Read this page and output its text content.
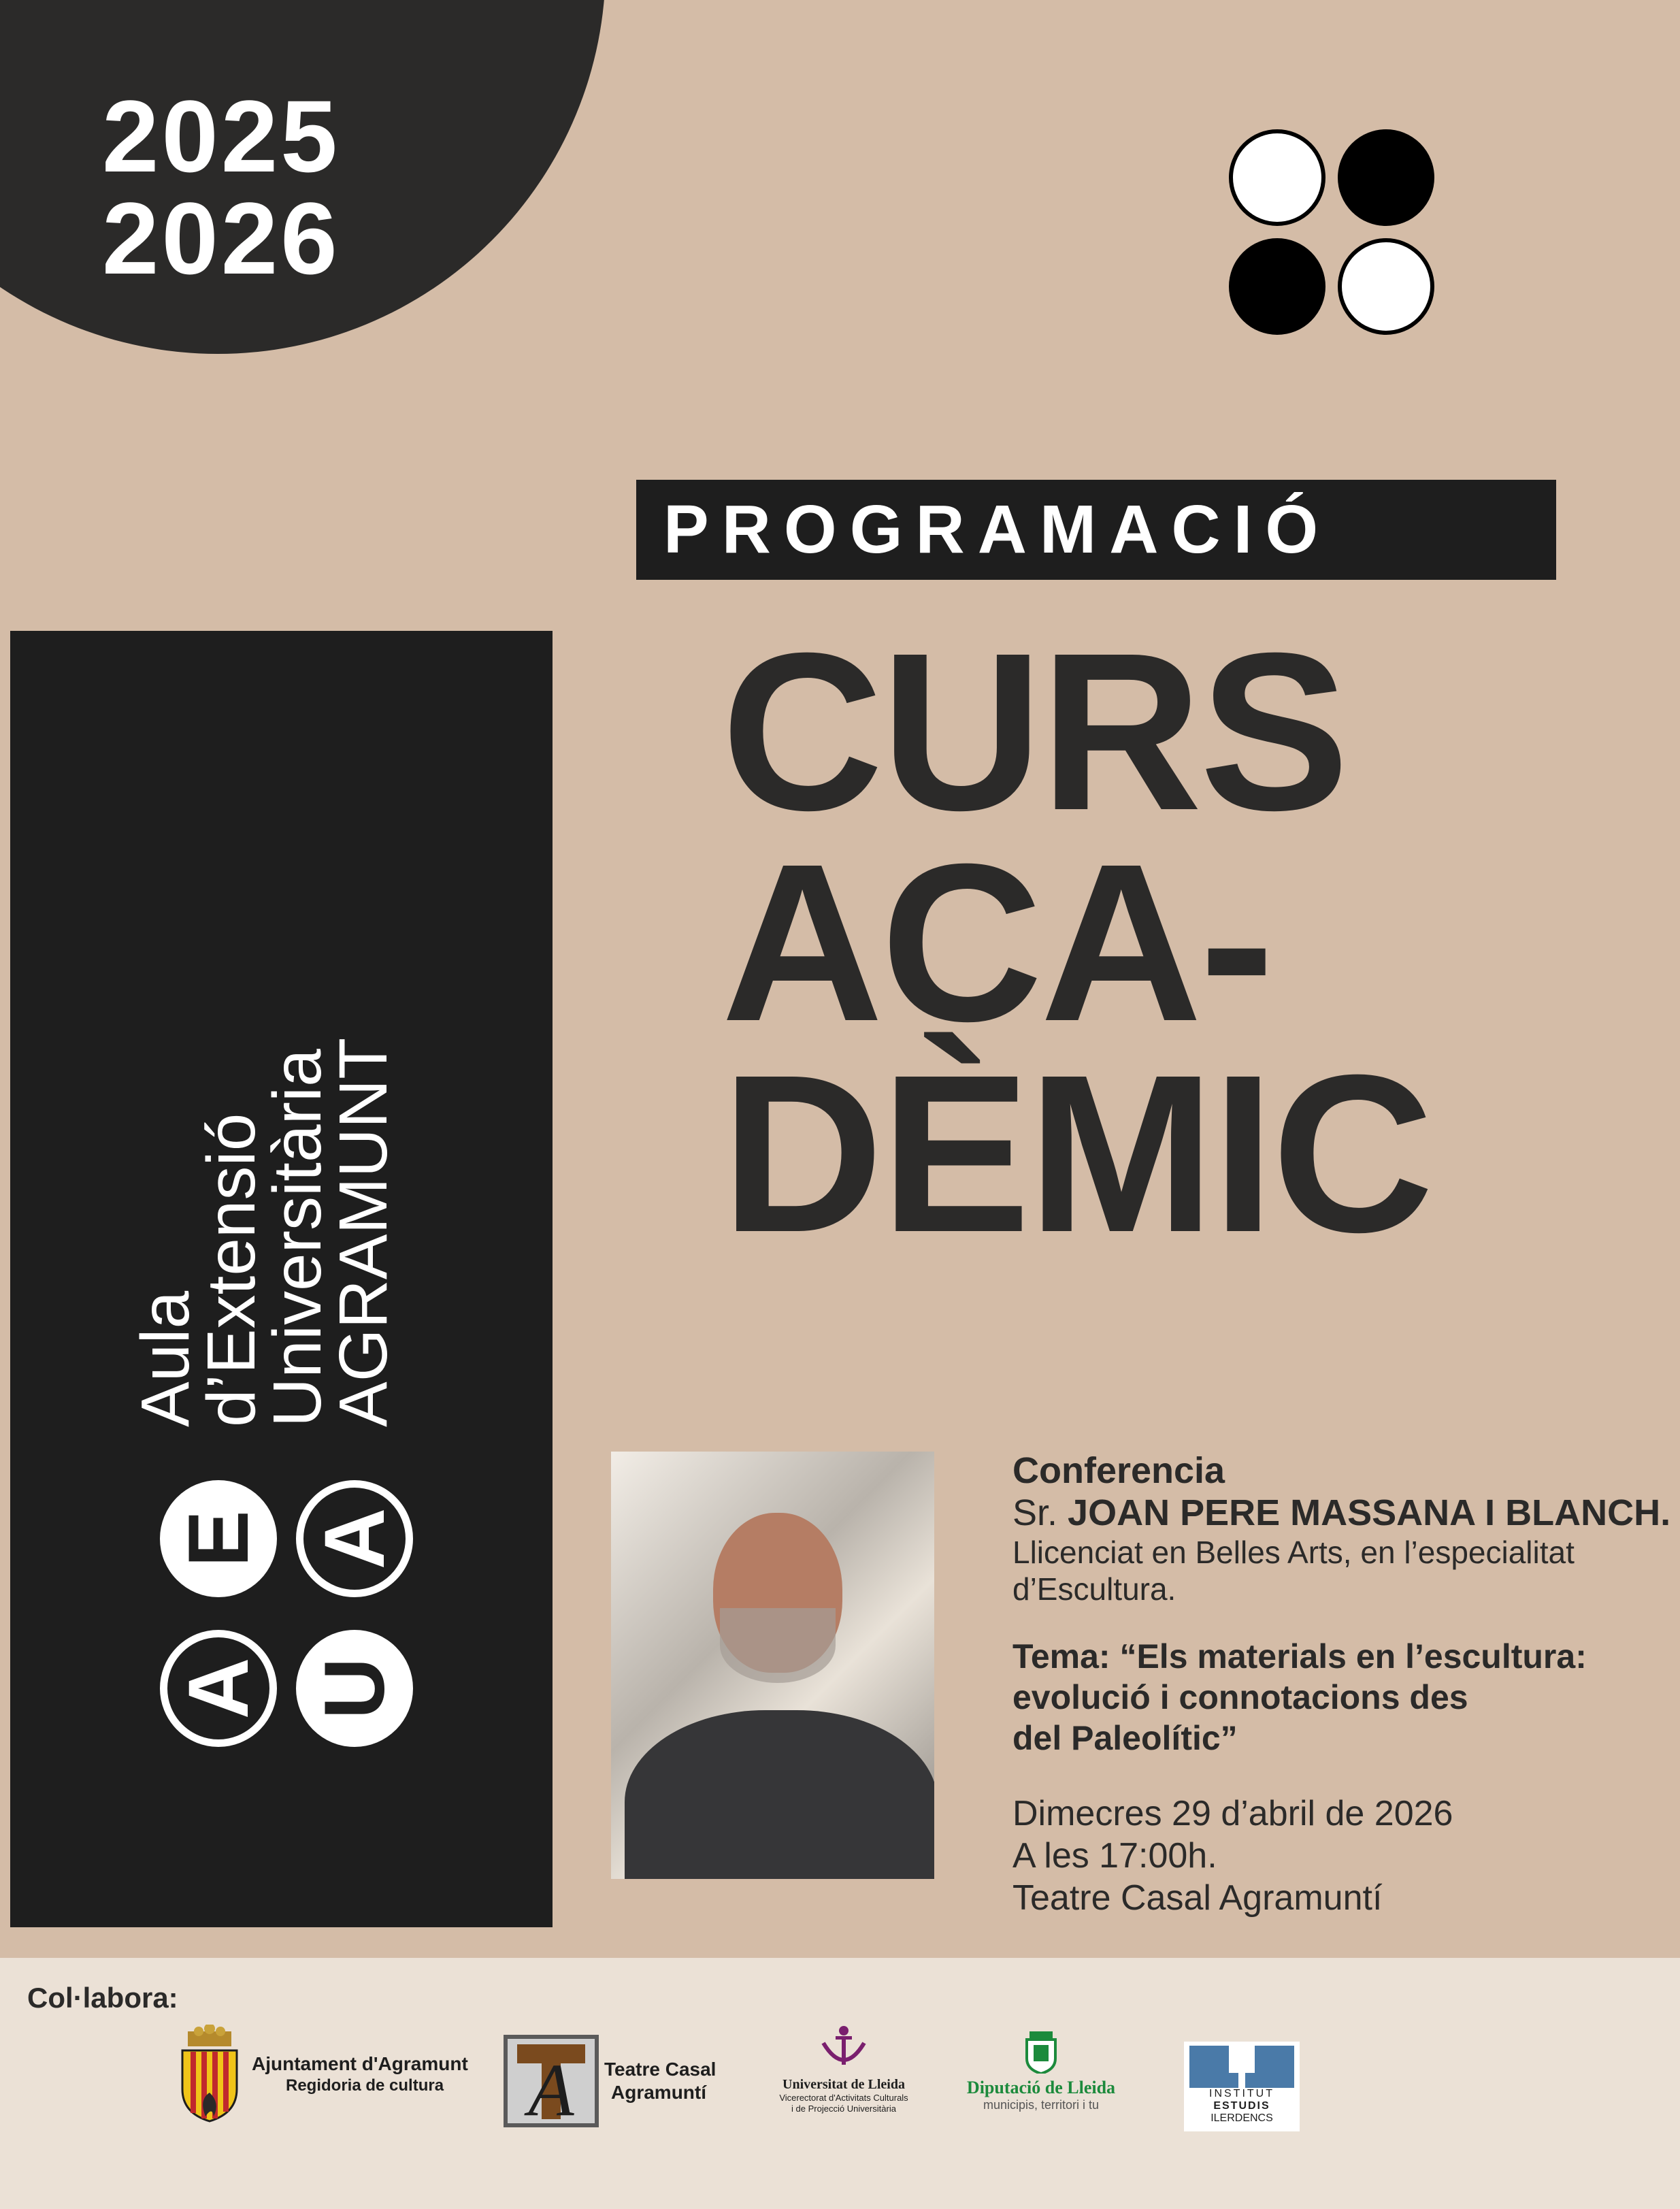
2025
2026
PROGRAMACIÓ
CURS
ACA-
DÈMIC
A
E
U
A
Aula
d’Extensió
Universitària
AGRAMUNT
Conferencia
Sr. JOAN PERE MASSANA I BLANCH.
Llicenciat en Belles Arts, en l’especialitat d’Escultura.
Tema: “Els materials en l’escultura:
evolució i connotacions des
del Paleolític”
Dimecres 29 d’abril de 2026
A les 17:00h.
Teatre Casal Agramuntí
Col·labora:
Ajuntament d'Agramunt
Regidoria de cultura	A Teatre Casal
Agramuntí	Universitat de Lleida
Vicerectorat d'Activitats Culturals
i de Projecció Universitària
Diputació de Lleida
municipis, territori i tu
INSTITUT
ESTUDIS
ILERDENCS
